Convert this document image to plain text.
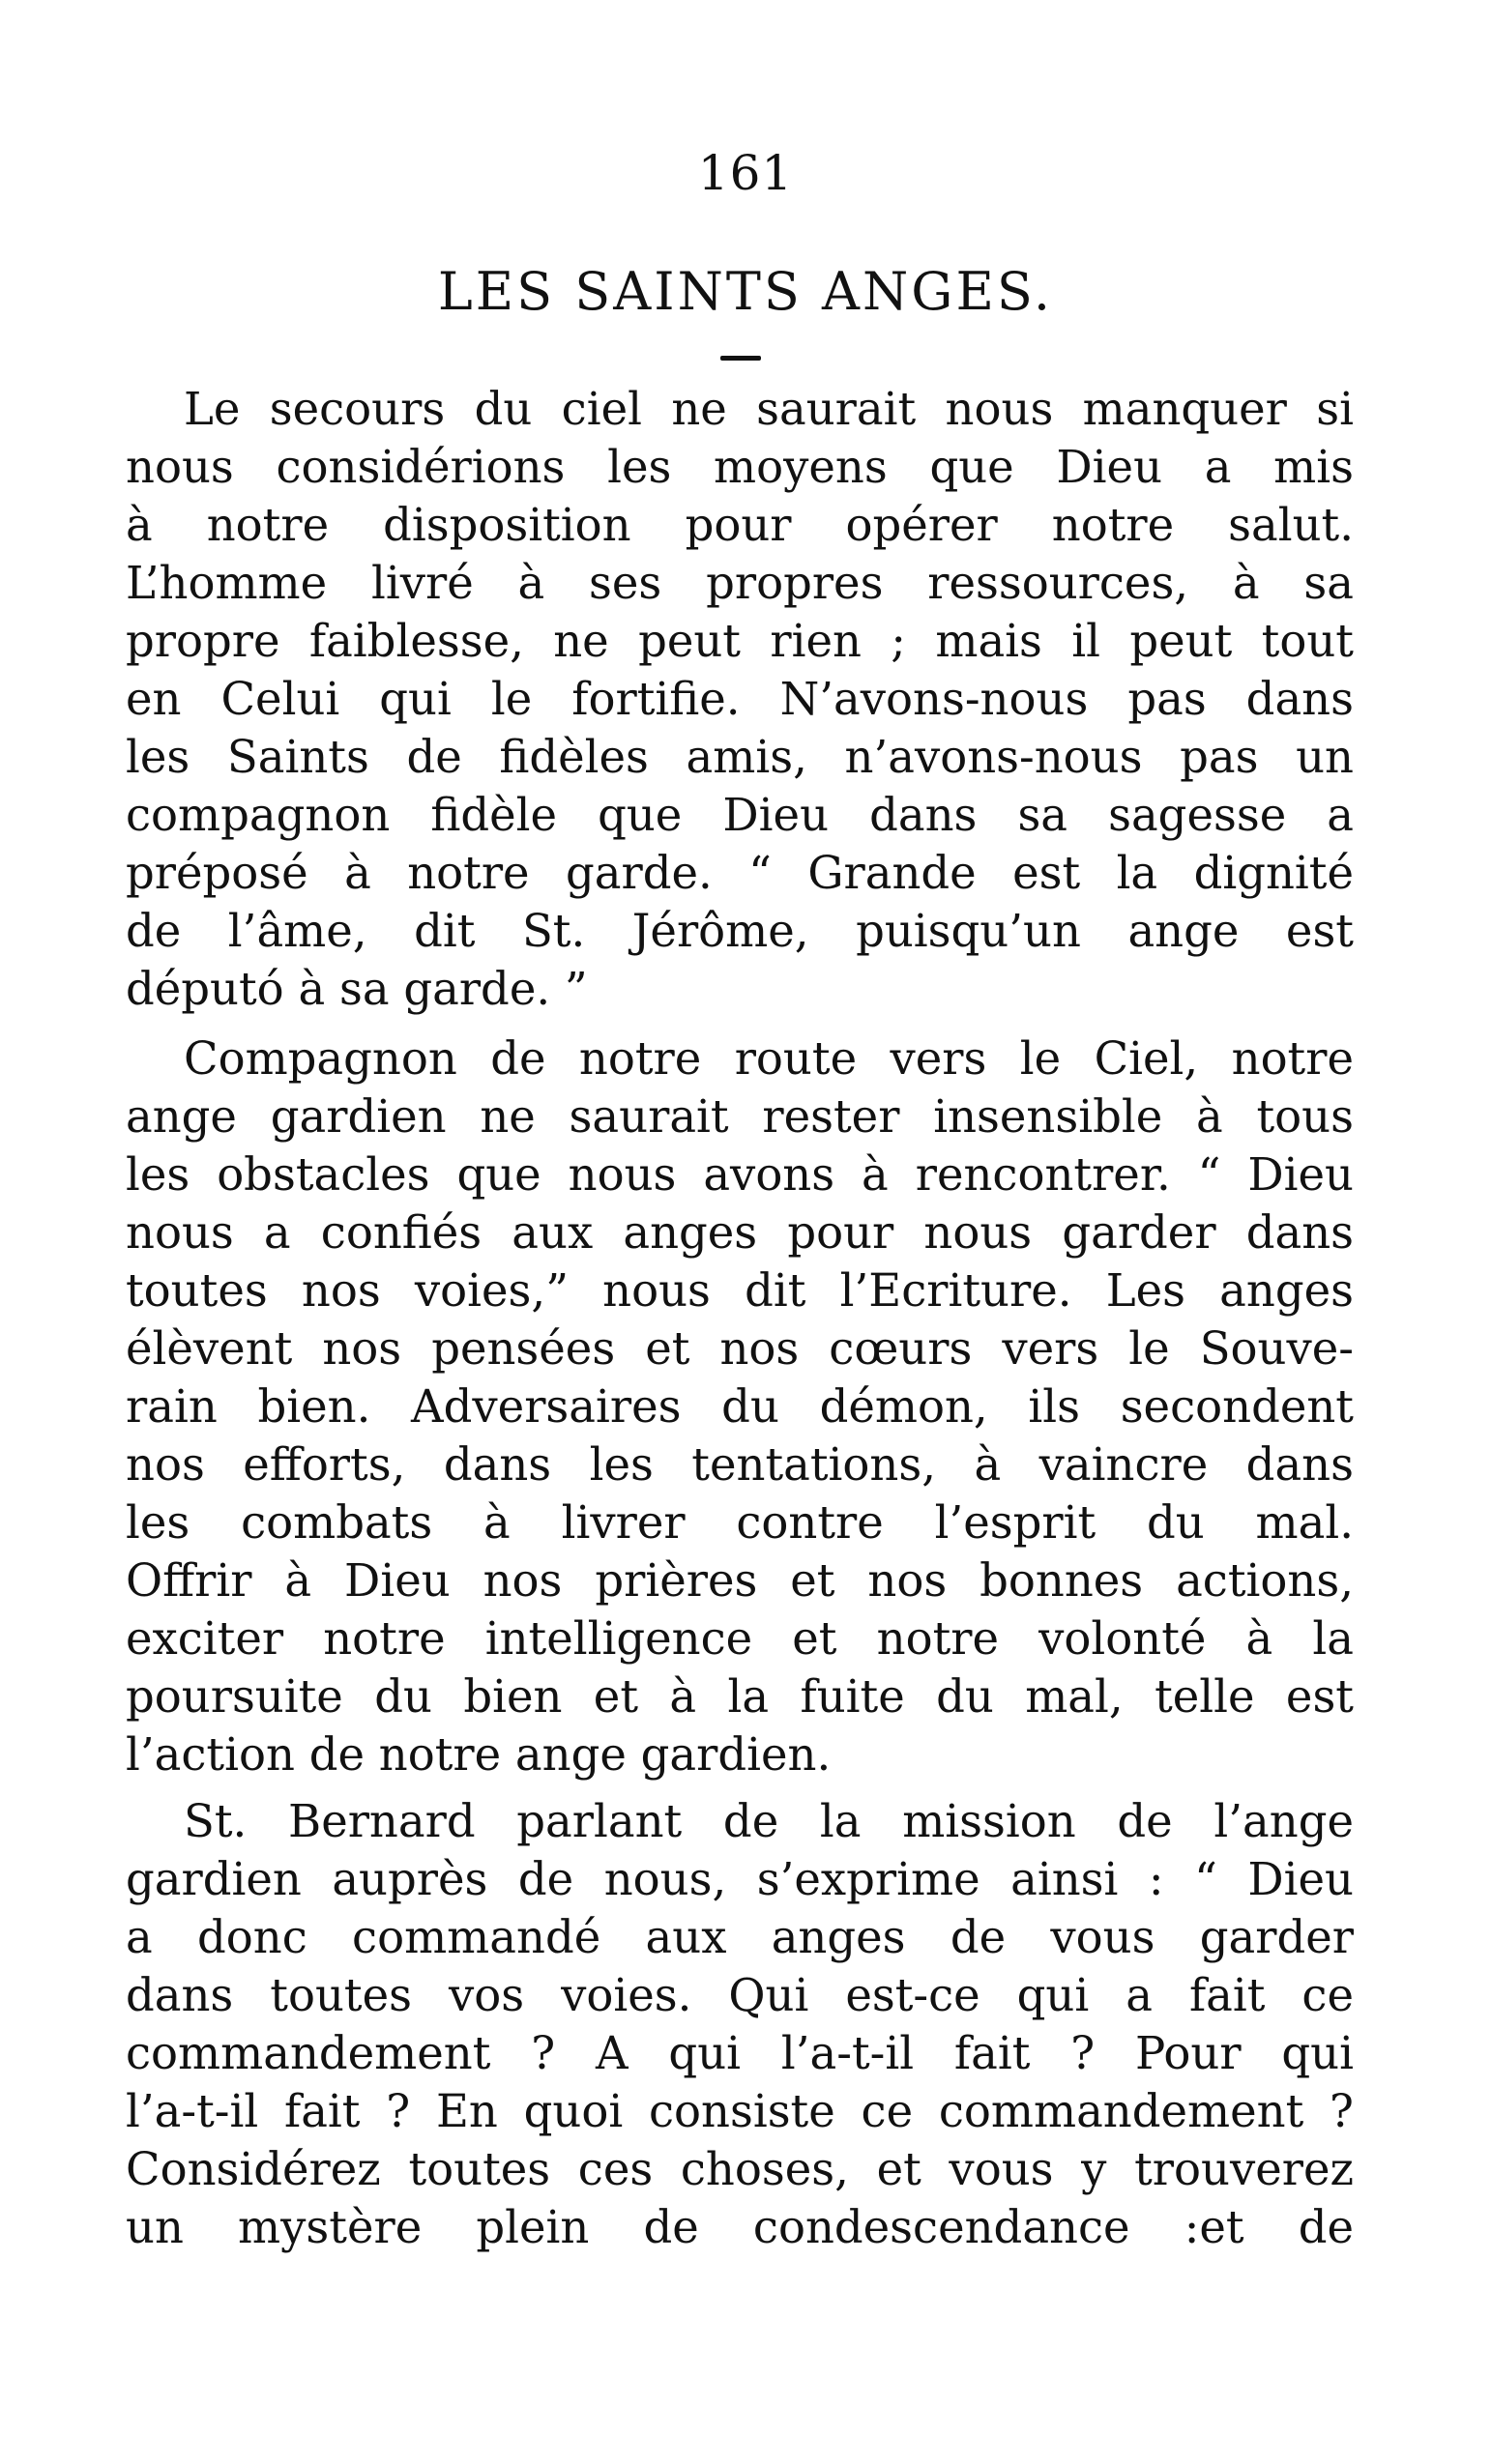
161
LES SAINTS ANGES.
Le secours du ciel ne saurait nous manquer si
nous considérions les moyens que Dieu a mis
à notre disposition pour opérer notre salut.
L’homme livré à ses propres ressources, à sa
propre faiblesse, ne peut rien ; mais il peut tout
en Celui qui le fortifie. N’avons-nous pas dans
les Saints de fidèles amis, n’avons-nous pas un
compagnon fidèle que Dieu dans sa sagesse a
préposé à notre garde. “ Grande est la dignité
de l’âme, dit St. Jérôme, puisqu’un ange est
députó à sa garde. ”
Compagnon de notre route vers le Ciel, notre
ange gardien ne saurait rester insensible à tous
les obstacles que nous avons à rencontrer. “ Dieu
nous a confiés aux anges pour nous garder dans
toutes nos voies,” nous dit l’Ecriture. Les anges
élèvent nos pensées et nos cœurs vers le Souve-
rain bien. Adversaires du démon, ils secondent
nos efforts, dans les tentations, à vaincre dans
les combats à livrer contre l’esprit du mal.
Offrir à Dieu nos prières et nos bonnes actions,
exciter notre intelligence et notre volonté à la
poursuite du bien et à la fuite du mal, telle est
l’action de notre ange gardien.
St. Bernard parlant de la mission de l’ange
gardien auprès de nous, s’exprime ainsi : “ Dieu
a donc commandé aux anges de vous garder
dans toutes vos voies. Qui est-ce qui a fait ce
commandement ? A qui l’a-t-il fait ? Pour qui
l’a-t-il fait ? En quoi consiste ce commandement ?
Considérez toutes ces choses, et vous y trouverez
un mystère plein de condescendance :et de
